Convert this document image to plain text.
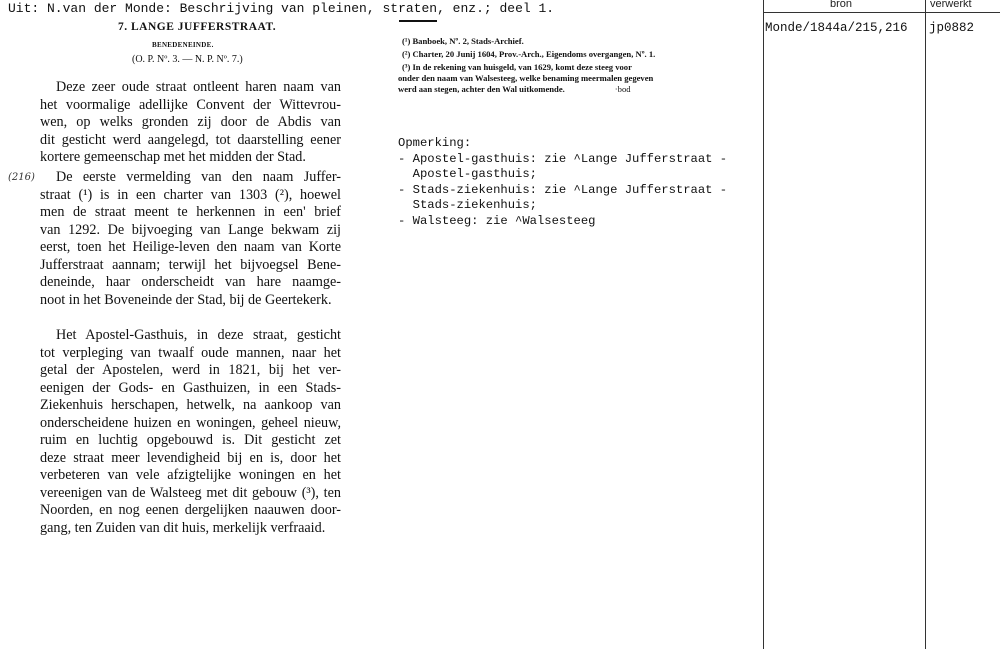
Uit: N.van der Monde: Beschrijving van pleinen, straten, enz.; deel 1.
7. LANGE JUFFERSTRAAT.
BENEDENEINDE.
(O. P. Nº. 3. — N. P. Nº. 7.)
(216)
Deze zeer oude straat ontleent haren naam van
het voormalige adellijke Convent der Wittevrou-
wen, op welks gronden zij door de Abdis van
dit gesticht werd aangelegd, tot daarstelling eener
kortere gemeenschap met het midden der Stad.
De eerste vermelding van den naam Juffer-
straat (¹) is in een charter van 1303 (²), hoewel
men de straat meent te herkennen in een' brief
van 1292. De bijvoeging van Lange bekwam zij
eerst, toen het Heilige-leven den naam van Korte
Jufferstraat aannam; terwijl het bijvoegsel Bene-
deneinde, haar onderscheidt van hare naamge-
noot in het Boveneinde der Stad, bij de Geertekerk.
Het Apostel-Gasthuis, in deze straat, gesticht
tot verpleging van twaalf oude mannen, naar het
getal der Apostelen, werd in 1821, bij het ver-
eenigen der Gods- en Gasthuizen, in een Stads-
Ziekenhuis herschapen, hetwelk, na aankoop van
onderscheidene huizen en woningen, geheel nieuw,
ruim en luchtig opgebouwd is. Dit gesticht zet
deze straat meer levendigheid bij en is, door het
verbeteren van vele afzigtelijke woningen en het
vereenigen van de Walsteeg met dit gebouw (³), ten
Noorden, en nog eenen dergelijken naauwen door-
gang, ten Zuiden van dit huis, merkelijk verfraaid.
(¹) Banboek, Nº. 2, Stads-Archief.
(²) Charter, 20 Junij 1604, Prov.-Arch., Eigendoms overgangen, Nº. 1.
(³) In de rekening van huisgeld, van 1629, komt deze steeg voor
onder den naam van Walsesteeg, welke benaming meermalen gegeven
werd aan stegen, achter den Wal uitkomende.	·bod
Opmerking:
- Apostel-gasthuis: zie ^Lange Jufferstraat -
Apostel-gasthuis;
- Stads-ziekenhuis: zie ^Lange Jufferstraat -
Stads-ziekenhuis;
- Walsteeg: zie ^Walsesteeg
bron	verwerkt
Monde/1844a/215,216 jp0882
